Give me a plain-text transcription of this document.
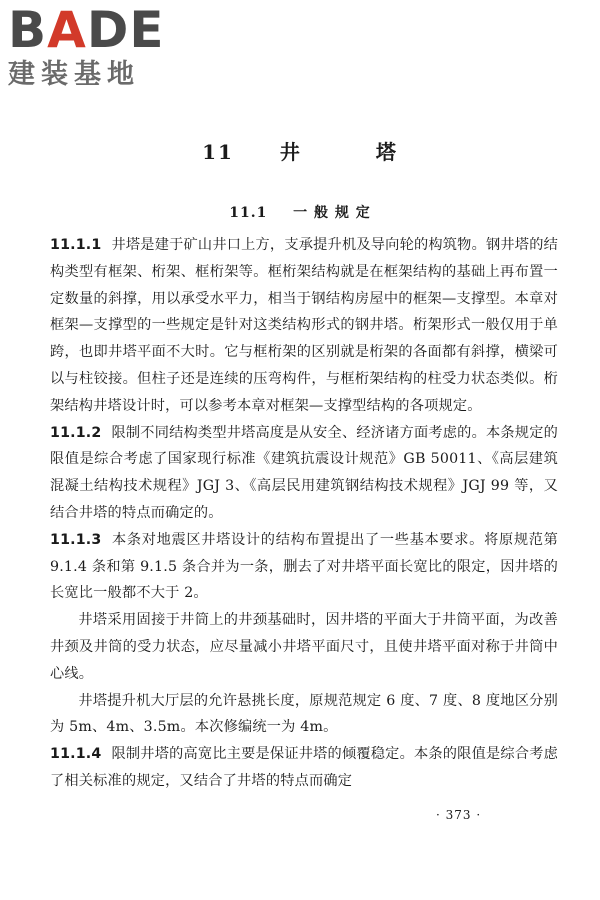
BADE
建装基地
11 井	塔
11.1 一 般 规 定

11.1.1 井塔是建于矿山井口上方，支承提升机及导向轮的构筑物。钢井塔的结构类型有框架、桁架、框桁架等。框桁架结构就是在框架结构的基础上再布置一定数量的斜撑，用以承受水平力，相当于钢结构房屋中的框架—支撑型。本章对框架—支撑型的一些规定是针对这类结构形式的钢井塔。桁架形式一般仅用于单跨，也即井塔平面不大时。它与框桁架的区别就是桁架的各面都有斜撑，横梁可以与柱铰接。但柱子还是连续的压弯构件，与框桁架结构的柱受力状态类似。桁架结构井塔设计时，可以参考本章对框架—支撑型结构的各项规定。

11.1.2 限制不同结构类型井塔高度是从安全、经济诸方面考虑的。本条规定的限值是综合考虑了国家现行标准《建筑抗震设计规范》GB 50011、《高层建筑混凝土结构技术规程》JGJ 3、《高层民用建筑钢结构技术规程》JGJ 99 等，又结合井塔的特点而确定的。

11.1.3 本条对地震区井塔设计的结构布置提出了一些基本要求。将原规范第 9.1.4 条和第 9.1.5 条合并为一条，删去了对井塔平面长宽比的限定，因井塔的长宽比一般都不大于 2。

井塔采用固接于井筒上的井颈基础时，因井塔的平面大于井筒平面，为改善井颈及井筒的受力状态，应尽量减小井塔平面尺寸，且使井塔平面对称于井筒中心线。

井塔提升机大厅层的允许悬挑长度，原规范规定 6 度、7 度、8 度地区分别为 5m、4m、3.5m。本次修编统一为 4m。

11.1.4 限制井塔的高宽比主要是保证井塔的倾覆稳定。本条的限值是综合考虑了相关标准的规定，又结合了井塔的特点而确定

· 373 ·
